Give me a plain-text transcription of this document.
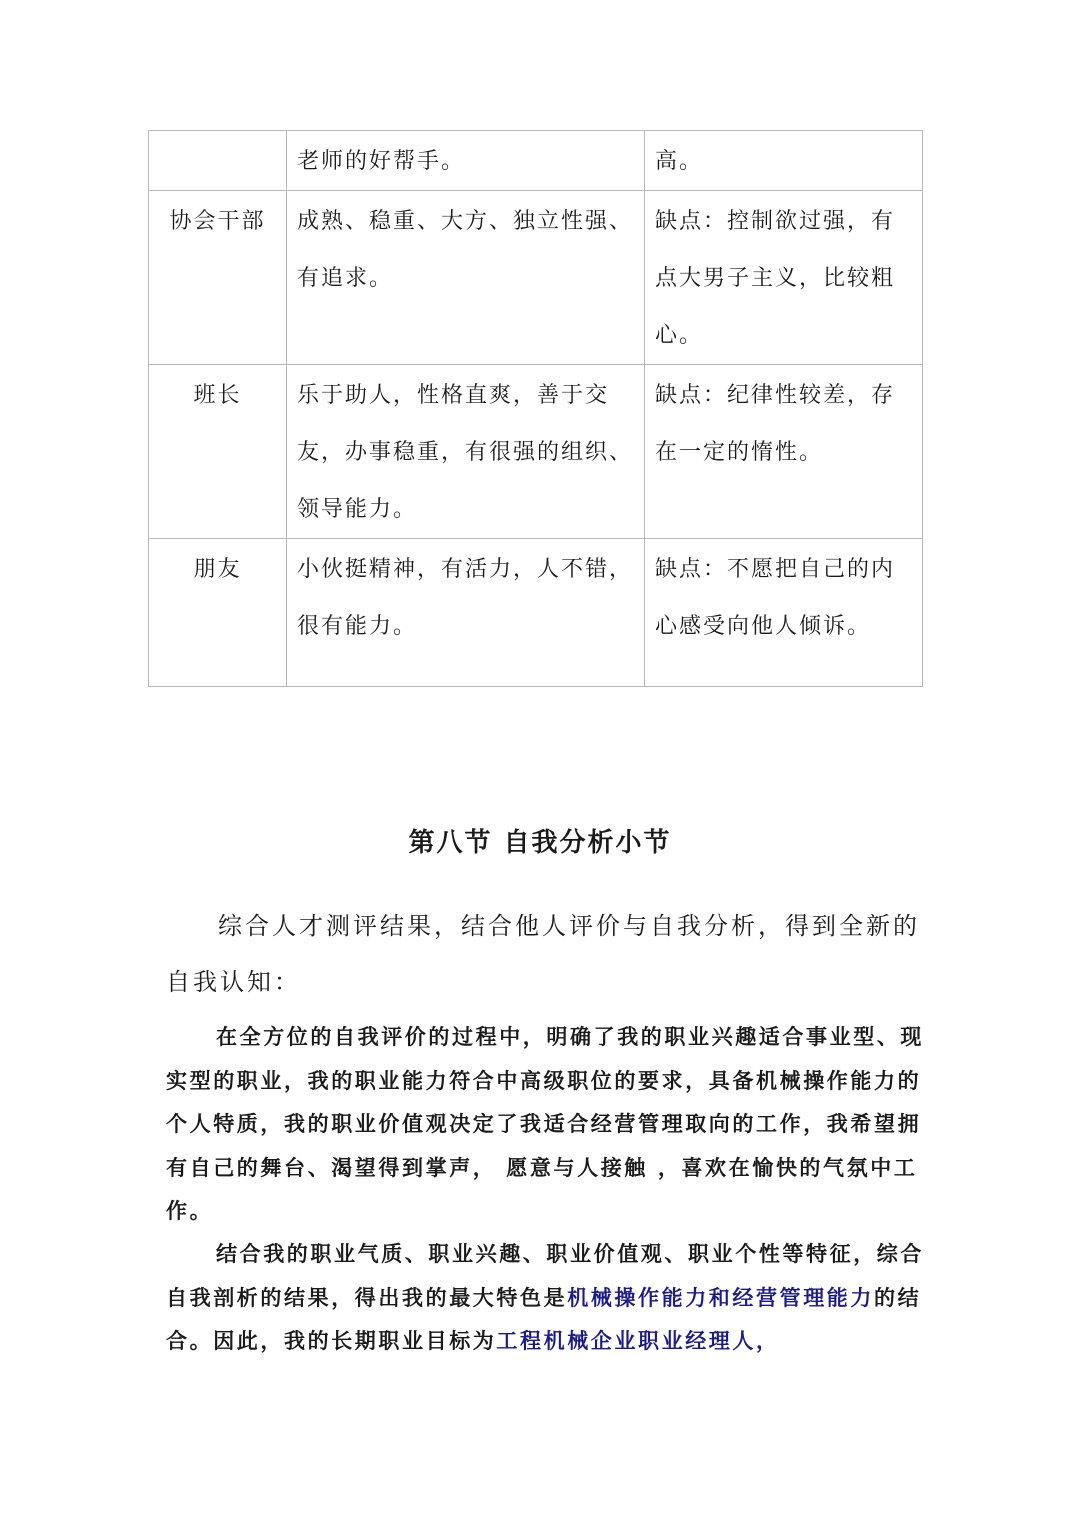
	老师的好帮手。	高。
协会干部	成熟、稳重、大方、独立性强、有追求。	缺点：控制欲过强，有点大男子主义，比较粗心。
班长	乐于助人，性格直爽，善于交友，办事稳重，有很强的组织、领导能力。	缺点：纪律性较差，存在一定的惰性。
朋友	小伙挺精神，有活力，人不错，很有能力。	缺点：不愿把自己的内心感受向他人倾诉。
第八节 自我分析小节

综合人才测评结果，结合他人评价与自我分析，得到全新的自我认知：

在全方位的自我评价的过程中，明确了我的职业兴趣适合事业型、现实型的职业，我的职业能力符合中高级职位的要求，具备机械操作能力的个人特质，我的职业价值观决定了我适合经营管理取向的工作，我希望拥有自己的舞台、渴望得到掌声， 愿意与人接触 ，喜欢在愉快的气氛中工作。

结合我的职业气质、职业兴趣、职业价值观、职业个性等特征，综合自我剖析的结果，得出我的最大特色是机械操作能力和经营管理能力的结合。因此，我的长期职业目标为工程机械企业职业经理人，
